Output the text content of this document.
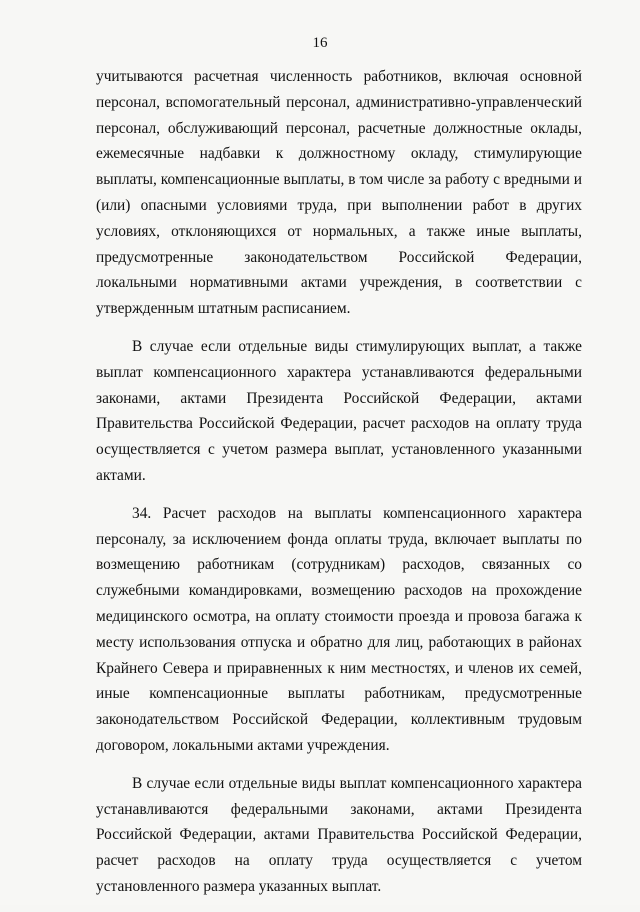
16

учитываются расчетная численность работников, включая основной персонал, вспомогательный персонал, административно-управленческий персонал, обслуживающий персонал, расчетные должностные оклады, ежемесячные надбавки к должностному окладу, стимулирующие выплаты, компенсационные выплаты, в том числе за работу с вредными и (или) опасными условиями труда, при выполнении работ в других условиях, отклоняющихся от нормальных, а также иные выплаты, предусмотренные законодательством Российской Федерации, локальными нормативными актами учреждения, в соответствии с утвержденным штатным расписанием.

В случае если отдельные виды стимулирующих выплат, а также выплат компенсационного характера устанавливаются федеральными законами, актами Президента Российской Федерации, актами Правительства Российской Федерации, расчет расходов на оплату труда осуществляется с учетом размера выплат, установленного указанными актами.

34. Расчет расходов на выплаты компенсационного характера персоналу, за исключением фонда оплаты труда, включает выплаты по возмещению работникам (сотрудникам) расходов, связанных со служебными командировками, возмещению расходов на прохождение медицинского осмотра, на оплату стоимости проезда и провоза багажа к месту использования отпуска и обратно для лиц, работающих в районах Крайнего Севера и приравненных к ним местностях, и членов их семей, иные компенсационные выплаты работникам, предусмотренные законодательством Российской Федерации, коллективным трудовым договором, локальными актами учреждения.

В случае если отдельные виды выплат компенсационного характера устанавливаются федеральными законами, актами Президента Российской Федерации, актами Правительства Российской Федерации, расчет расходов на оплату труда осуществляется с учетом установленного размера указанных выплат.
